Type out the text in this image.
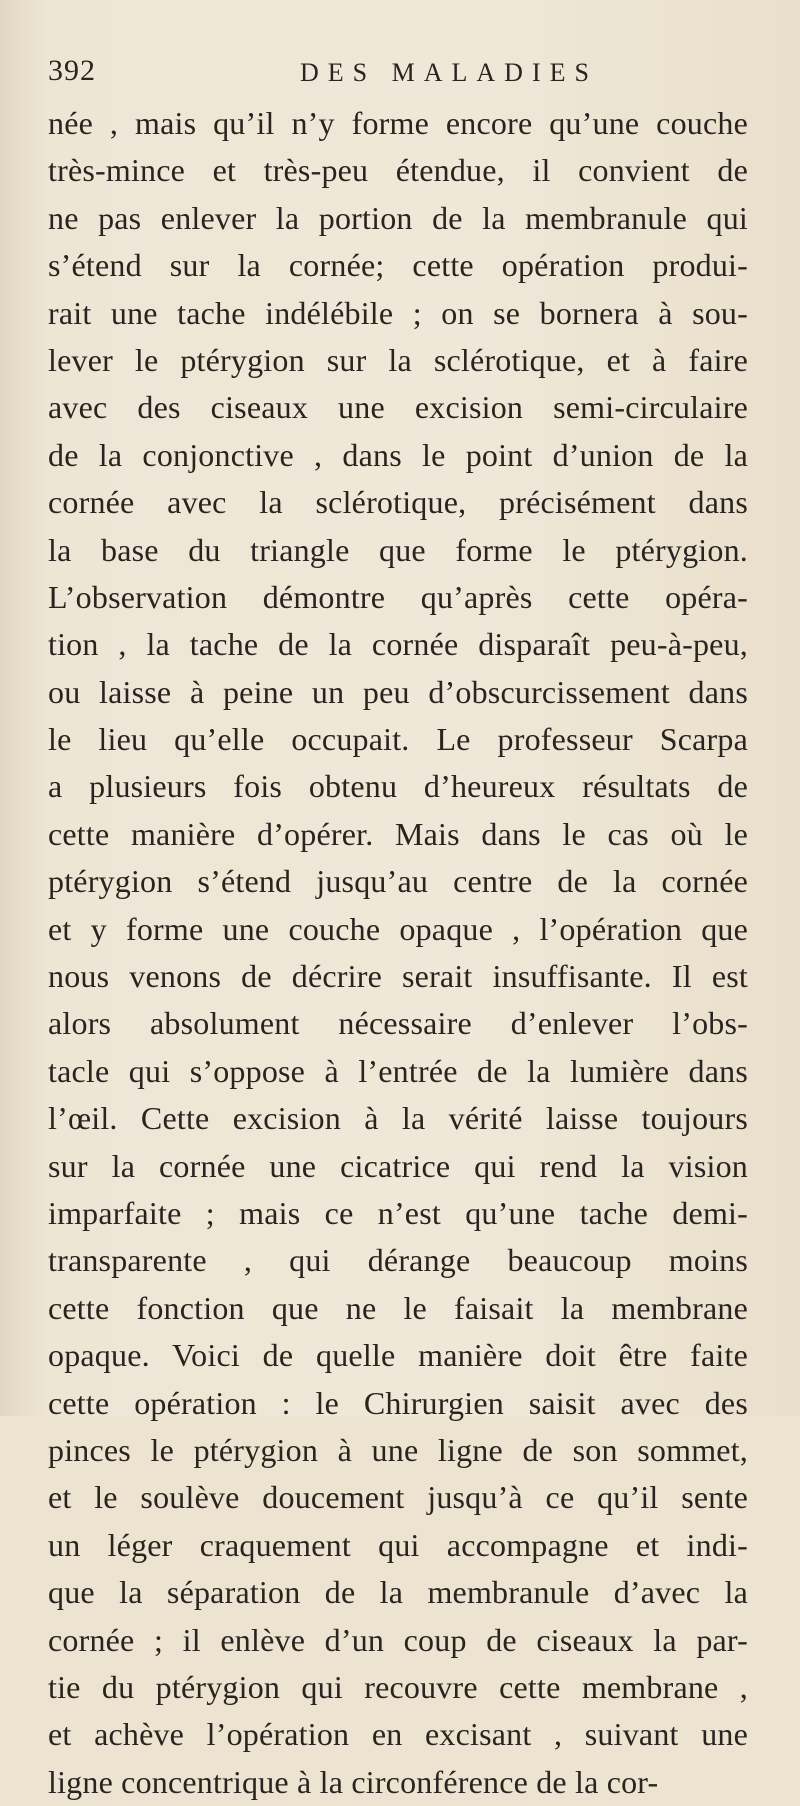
392	DES MALADIES
née , mais qu’il n’y forme encore qu’une couche
très-mince et très-peu étendue, il convient de
ne pas enlever la portion de la membranule qui
s’étend sur la cornée; cette opération produi-
rait une tache indélébile ; on se bornera à sou-
lever le ptérygion sur la sclérotique, et à faire
avec des ciseaux une excision semi-circulaire
de la conjonctive , dans le point d’union de la
cornée avec la sclérotique, précisément dans
la base du triangle que forme le ptérygion.
L’observation démontre qu’après cette opéra-
tion , la tache de la cornée disparaît peu-à-peu,
ou laisse à peine un peu d’obscurcissement dans
le lieu qu’elle occupait. Le professeur Scarpa
a plusieurs fois obtenu d’heureux résultats de
cette manière d’opérer. Mais dans le cas où le
ptérygion s’étend jusqu’au centre de la cornée
et y forme une couche opaque , l’opération que
nous venons de décrire serait insuffisante. Il est
alors absolument nécessaire d’enlever l’obs-
tacle qui s’oppose à l’entrée de la lumière dans
l’œil. Cette excision à la vérité laisse toujours
sur la cornée une cicatrice qui rend la vision
imparfaite ; mais ce n’est qu’une tache demi-
transparente , qui dérange beaucoup moins
cette fonction que ne le faisait la membrane
opaque. Voici de quelle manière doit être faite
cette opération : le Chirurgien saisit avec des
pinces le ptérygion à une ligne de son sommet,
et le soulève doucement jusqu’à ce qu’il sente
un léger craquement qui accompagne et indi-
que la séparation de la membranule d’avec la
cornée ; il enlève d’un coup de ciseaux la par-
tie du ptérygion qui recouvre cette membrane ,
et achève l’opération en excisant , suivant une
ligne concentrique à la circonférence de la cor-
